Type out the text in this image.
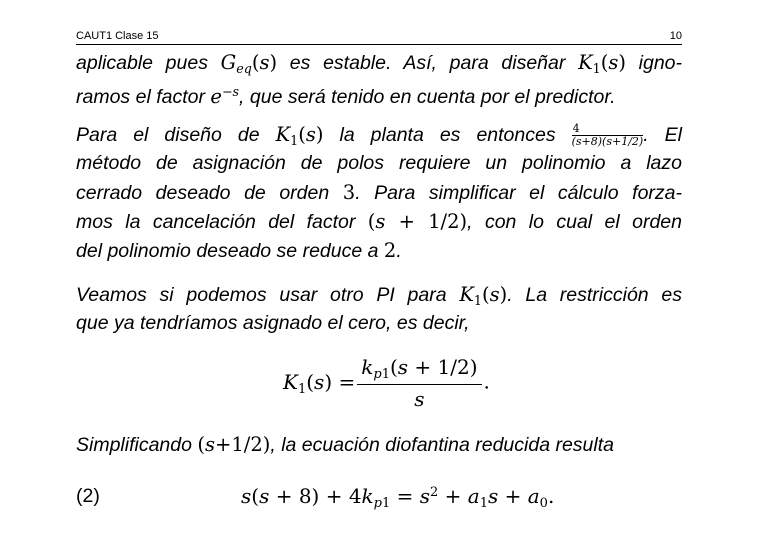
CAUT1 Clase 15	10
aplicable pues $G_{eq}(s)$ es estable. Así, para diseñar $K_1(s)$ igno-
ramos el factor $e^{-s}$, que será tenido en cuenta por el predictor.
Para el diseño de $K_1(s)$ la planta es entonces $\frac{4}{(s+8)(s+1/2)}$ . El
método de asignación de polos requiere un polinomio a lazo
cerrado deseado de orden 3. Para simplificar el cálculo forza-
mos la cancelación del factor (s + 1/2), con lo cual el orden
del polinomio deseado se reduce a 2.
Veamos si podemos usar otro PI para $K_1(s)$. La restricción es
que ya tendríamos asignado el cero, es decir,
$K_1(s) = \frac{k_{p1}(s + 1/2)}{s}$ .
Simplificando (s+1/2), la ecuación diofantina reducida resulta
(2)	$s(s + 8) + 4k_{p1} = s^2 + a_1s + a_0$.
